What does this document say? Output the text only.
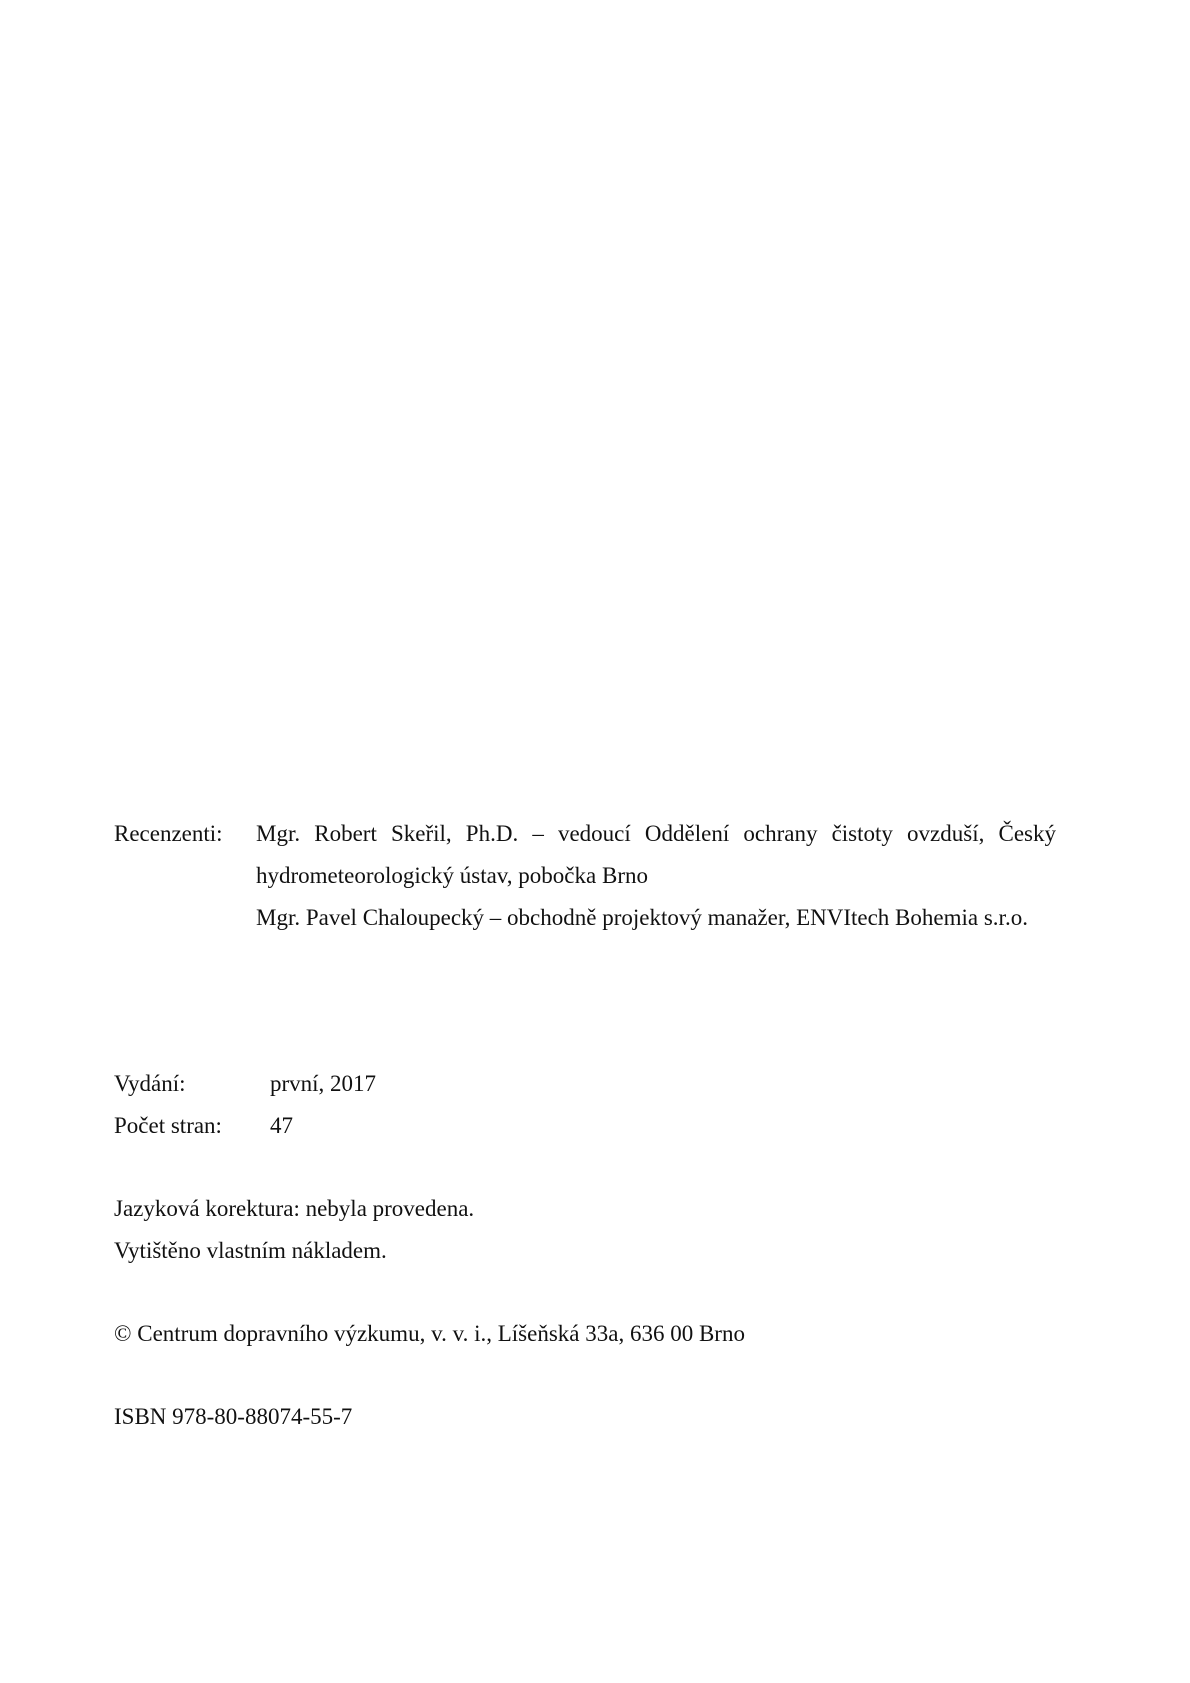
Recenzenti:	Mgr. Robert Skeřil, Ph.D. – vedoucí Oddělení ochrany čistoty ovzduší, Český hydrometeorologický ústav, pobočka Brno
Mgr. Pavel Chaloupecký – obchodně projektový manažer, ENVItech Bohemia s.r.o.
Vydání:	první, 2017
Počet stran:	47
Jazyková korektura: nebyla provedena.
Vytištěno vlastním nákladem.
© Centrum dopravního výzkumu, v. v. i., Líšeňská 33a, 636 00 Brno
ISBN 978-80-88074-55-7
